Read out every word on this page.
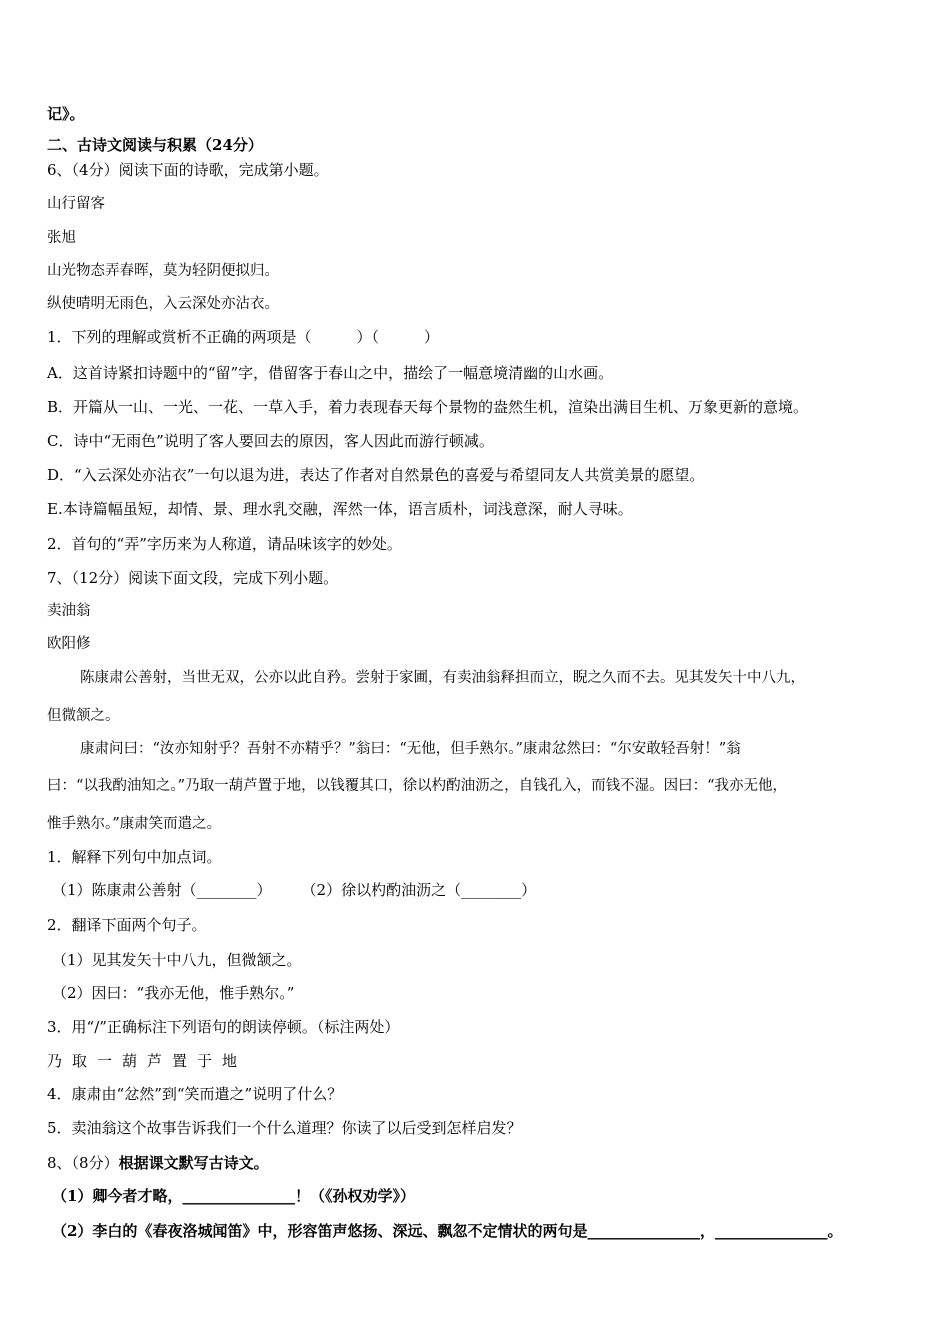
记》。
二、古诗文阅读与积累（24分）
6、（4分）阅读下面的诗歌，完成第小题。
山行留客
张旭
山光物态弄春晖，莫为轻阴便拟归。
纵使晴明无雨色，入云深处亦沾衣。
1．下列的理解或赏析不正确的两项是（　　　）（　　　）
A．这首诗紧扣诗题中的“留”字，借留客于春山之中，描绘了一幅意境清幽的山水画。
B．开篇从一山、一光、一花、一草入手，着力表现春天每个景物的盎然生机，渲染出满目生机、万象更新的意境。
C．诗中“无雨色”说明了客人要回去的原因，客人因此而游行顿减。
D．“入云深处亦沾衣”一句以退为进，表达了作者对自然景色的喜爱与希望同友人共赏美景的愿望。
E.本诗篇幅虽短，却情、景、理水乳交融，浑然一体，语言质朴，词浅意深，耐人寻味。
2．首句的“弄”字历来为人称道，请品味该字的妙处。
7、（12分）阅读下面文段，完成下列小题。
卖油翁
欧阳修
陈康肃公善射，当世无双，公亦以此自矜。尝射于家圃，有卖油翁释担而立，睨之久而不去。见其发矢十中八九，
但微颔之。
康肃问曰：“汝亦知射乎？吾射不亦精乎？”翁曰：“无他，但手熟尔。”康肃忿然曰：“尔安敢轻吾射！”翁
曰：“以我酌油知之。”乃取一葫芦置于地，以钱覆其口，徐以杓酌油沥之，自钱孔入，而钱不湿。因曰：“我亦无他，
惟手熟尔。”康肃笑而遣之。
1．解释下列句中加点词。
（1）陈康肃公善射（________）　　　（2）徐以杓酌油沥之（________）
2．翻译下面两个句子。
（1）见其发矢十中八九，但微颔之。
（2）因曰：“我亦无他，惟手熟尔。”
3．用“/”正确标注下列语句的朗读停顿。（标注两处）
乃取一葫芦置于地
4．康肃由“忿然”到“笑而遣之”说明了什么？
5．卖油翁这个故事告诉我们一个什么道理？你读了以后受到怎样启发？
8、（8分）根据课文默写古诗文。
（1）卿今者才略，_______________！（《孙权劝学》）
（2）李白的《春夜洛城闻笛》中，形容笛声悠扬、深远、飘忽不定情状的两句是_______________，_______________。
